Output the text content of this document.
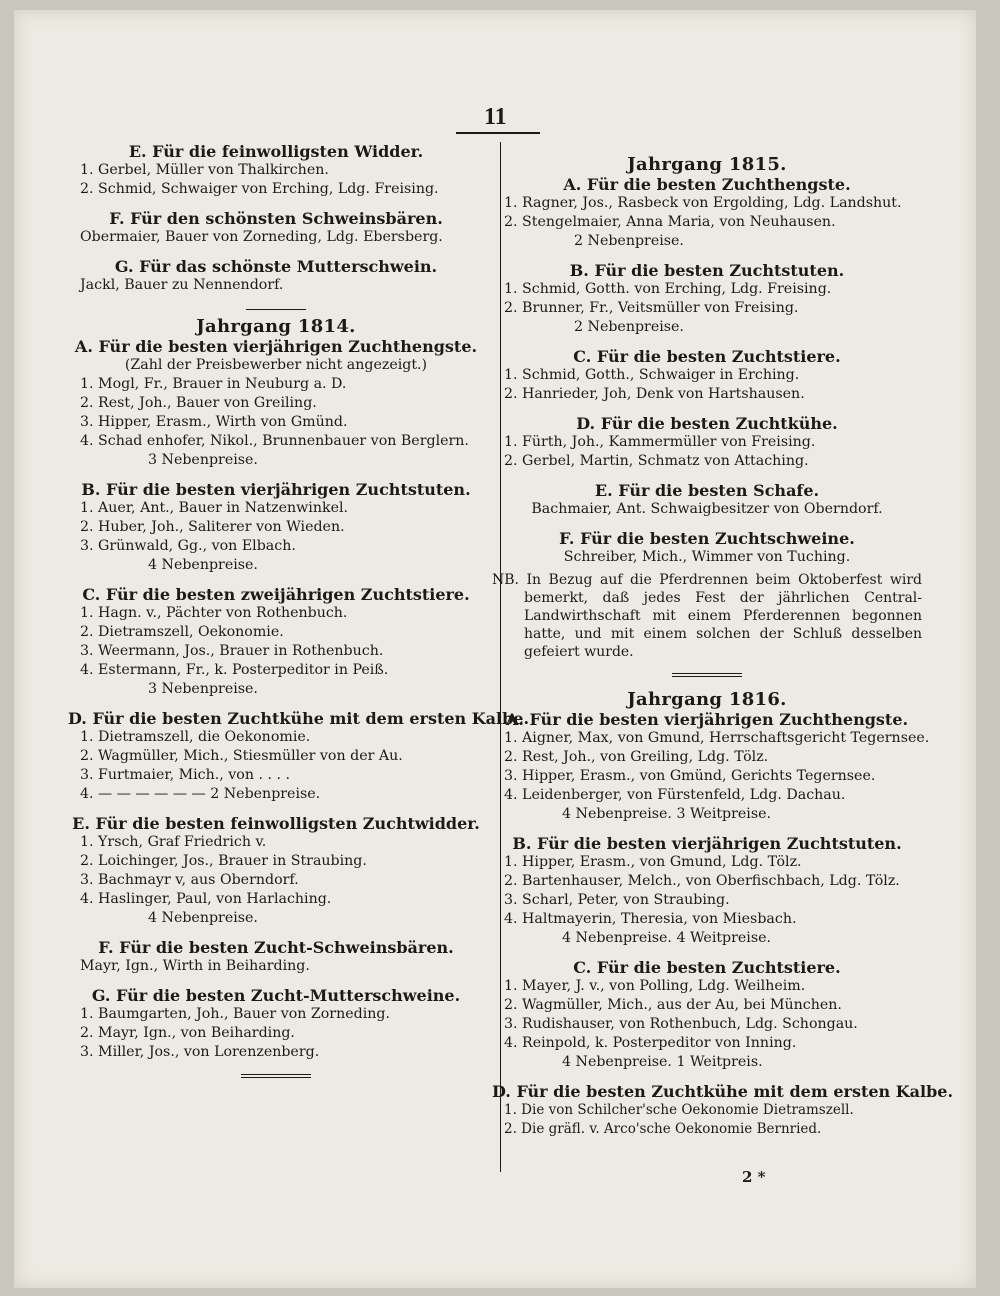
11
E. Für die feinwolligsten Widder.
1. Gerbel, Müller von Thalkirchen.
2. Schmid, Schwaiger von Erching, Ldg. Freising.
F. Für den schönsten Schweinsbären.
Obermaier, Bauer von Zorneding, Ldg. Ebersberg.
G. Für das schönste Mutterschwein.
Jackl, Bauer zu Nennendorf.
Jahrgang 1814.
A. Für die besten vierjährigen Zuchthengste.
(Zahl der Preisbewerber nicht angezeigt.)
1. Mogl, Fr., Brauer in Neuburg a. D.
2. Rest, Joh., Bauer von Greiling.
3. Hipper, Erasm., Wirth von Gmünd.
4. Schad enhofer, Nikol., Brunnenbauer von Berglern.
3 Nebenpreise.
B. Für die besten vierjährigen Zuchtstuten.
1. Auer, Ant., Bauer in Natzenwinkel.
2. Huber, Joh., Saliterer von Wieden.
3. Grünwald, Gg., von Elbach.
4 Nebenpreise.
C. Für die besten zweijährigen Zuchtstiere.
1. Hagn. v., Pächter von Rothenbuch.
2. Dietramszell, Oekonomie.
3. Weermann, Jos., Brauer in Rothenbuch.
4. Estermann, Fr., k. Posterpeditor in Peiß.
3 Nebenpreise.
D. Für die besten Zuchtkühe mit dem ersten Kalbe.
1. Dietramszell, die Oekonomie.
2. Wagmüller, Mich., Stiesmüller von der Au.
3. Furtmaier, Mich., von . . . .
4. — — — — — — 2 Nebenpreise.
E. Für die besten feinwolligsten Zuchtwidder.
1. Yrsch, Graf Friedrich v.
2. Loichinger, Jos., Brauer in Straubing.
3. Bachmayr v, aus Oberndorf.
4. Haslinger, Paul, von Harlaching.
4 Nebenpreise.
F. Für die besten Zucht-Schweinsbären.
Mayr, Ign., Wirth in Beiharding.
G. Für die besten Zucht-Mutterschweine.
1. Baumgarten, Joh., Bauer von Zorneding.
2. Mayr, Ign., von Beiharding.
3. Miller, Jos., von Lorenzenberg.
Jahrgang 1815.
A. Für die besten Zuchthengste.
1. Ragner, Jos., Rasbeck von Ergolding, Ldg. Landshut.
2. Stengelmaier, Anna Maria, von Neuhausen.
2 Nebenpreise.
B. Für die besten Zuchtstuten.
1. Schmid, Gotth. von Erching, Ldg. Freising.
2. Brunner, Fr., Veitsmüller von Freising.
2 Nebenpreise.
C. Für die besten Zuchtstiere.
1. Schmid, Gotth., Schwaiger in Erching.
2. Hanrieder, Joh, Denk von Hartshausen.
D. Für die besten Zuchtkühe.
1. Fürth, Joh., Kammermüller von Freising.
2. Gerbel, Martin, Schmatz von Attaching.
E. Für die besten Schafe.
Bachmaier, Ant. Schwaigbesitzer von Oberndorf.
F. Für die besten Zuchtschweine.
Schreiber, Mich., Wimmer von Tuching.
NB. In Bezug auf die Pferdrennen beim Oktoberfest wird bemerkt, daß jedes Fest der jährlichen Central-Landwirthschaft mit einem Pferderennen begonnen hatte, und mit einem solchen der Schluß desselben gefeiert wurde.
Jahrgang 1816.
A. Für die besten vierjährigen Zuchthengste.
1. Aigner, Max, von Gmund, Herrschaftsgericht Tegernsee.
2. Rest, Joh., von Greiling, Ldg. Tölz.
3. Hipper, Erasm., von Gmünd, Gerichts Tegernsee.
4. Leidenberger, von Fürstenfeld, Ldg. Dachau.
4 Nebenpreise. 3 Weitpreise.
B. Für die besten vierjährigen Zuchtstuten.
1. Hipper, Erasm., von Gmund, Ldg. Tölz.
2. Bartenhauser, Melch., von Oberfischbach, Ldg. Tölz.
3. Scharl, Peter, von Straubing.
4. Haltmayerin, Theresia, von Miesbach.
4 Nebenpreise. 4 Weitpreise.
C. Für die besten Zuchtstiere.
1. Mayer, J. v., von Polling, Ldg. Weilheim.
2. Wagmüller, Mich., aus der Au, bei München.
3. Rudishauser, von Rothenbuch, Ldg. Schongau.
4. Reinpold, k. Posterpeditor von Inning.
4 Nebenpreise. 1 Weitpreis.
D. Für die besten Zuchtkühe mit dem ersten Kalbe.
1. Die von Schilcher'sche Oekonomie Dietramszell.
2. Die gräfl. v. Arco'sche Oekonomie Bernried.
2 *
